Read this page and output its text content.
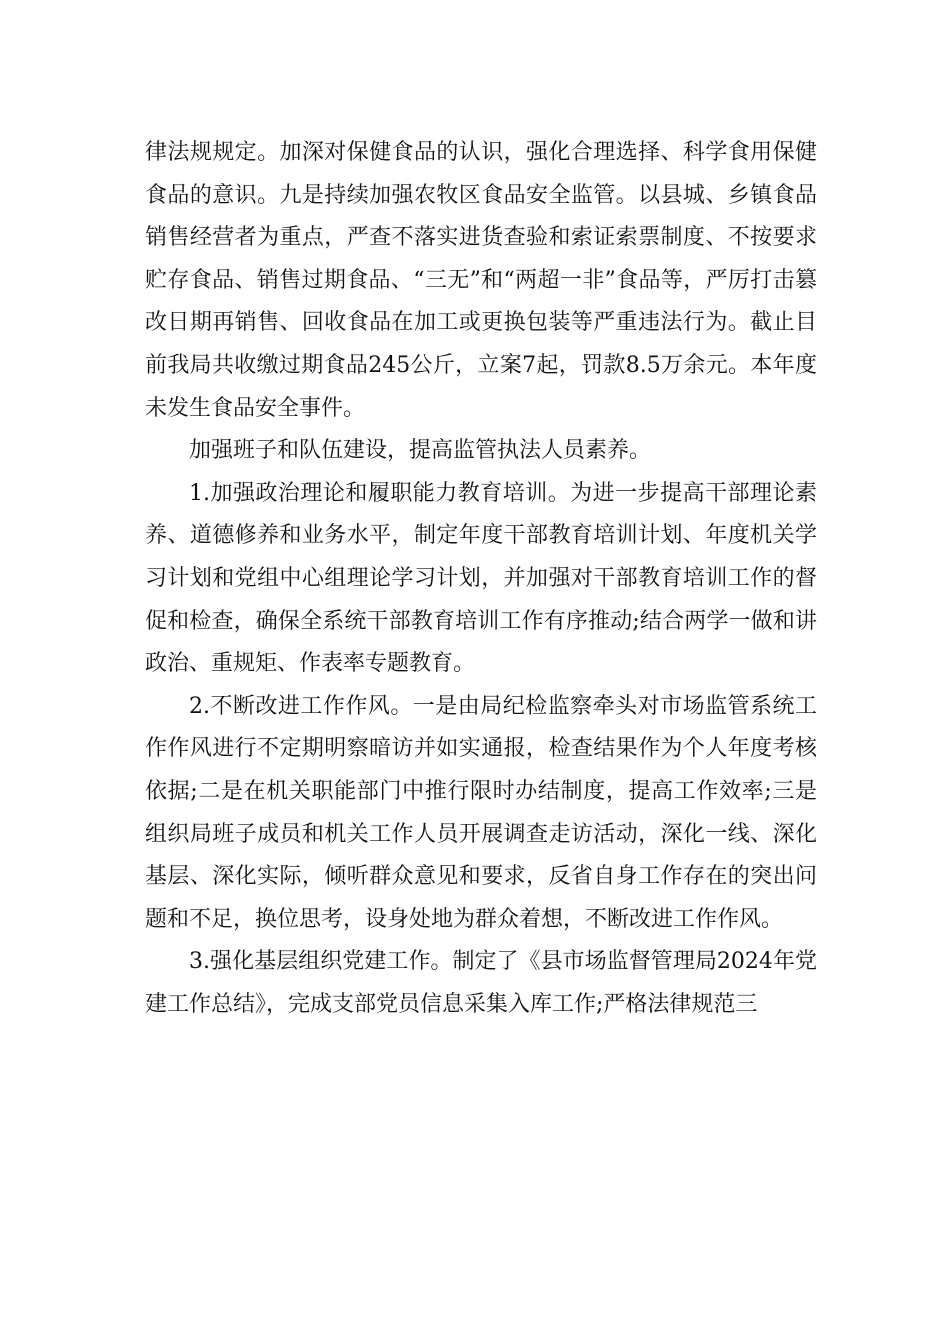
律法规规定。加深对保健食品的认识，强化合理选择、科学食用保健食品的意识。九是持续加强农牧区食品安全监管。以县城、乡镇食品销售经营者为重点，严查不落实进货查验和索证索票制度、不按要求贮存食品、销售过期食品、“三无”和“两超一非”食品等，严厉打击篡改日期再销售、回收食品在加工或更换包装等严重违法行为。截止目前我局共收缴过期食品245公斤，立案7起，罚款8.5万余元。本年度未发生食品安全事件。

加强班子和队伍建设，提高监管执法人员素养。

1.加强政治理论和履职能力教育培训。为进一步提高干部理论素养、道德修养和业务水平，制定年度干部教育培训计划、年度机关学习计划和党组中心组理论学习计划，并加强对干部教育培训工作的督促和检查，确保全系统干部教育培训工作有序推动;结合两学一做和讲政治、重规矩、作表率专题教育。

2.不断改进工作作风。一是由局纪检监察牵头对市场监管系统工作作风进行不定期明察暗访并如实通报，检查结果作为个人年度考核依据;二是在机关职能部门中推行限时办结制度，提高工作效率;三是组织局班子成员和机关工作人员开展调查走访活动，深化一线、深化基层、深化实际，倾听群众意见和要求，反省自身工作存在的突出问题和不足，换位思考，设身处地为群众着想，不断改进工作作风。

3.强化基层组织党建工作。制定了《县市场监督管理局2024年党建工作总结》，完成支部党员信息采集入库工作;严格法律规范三
